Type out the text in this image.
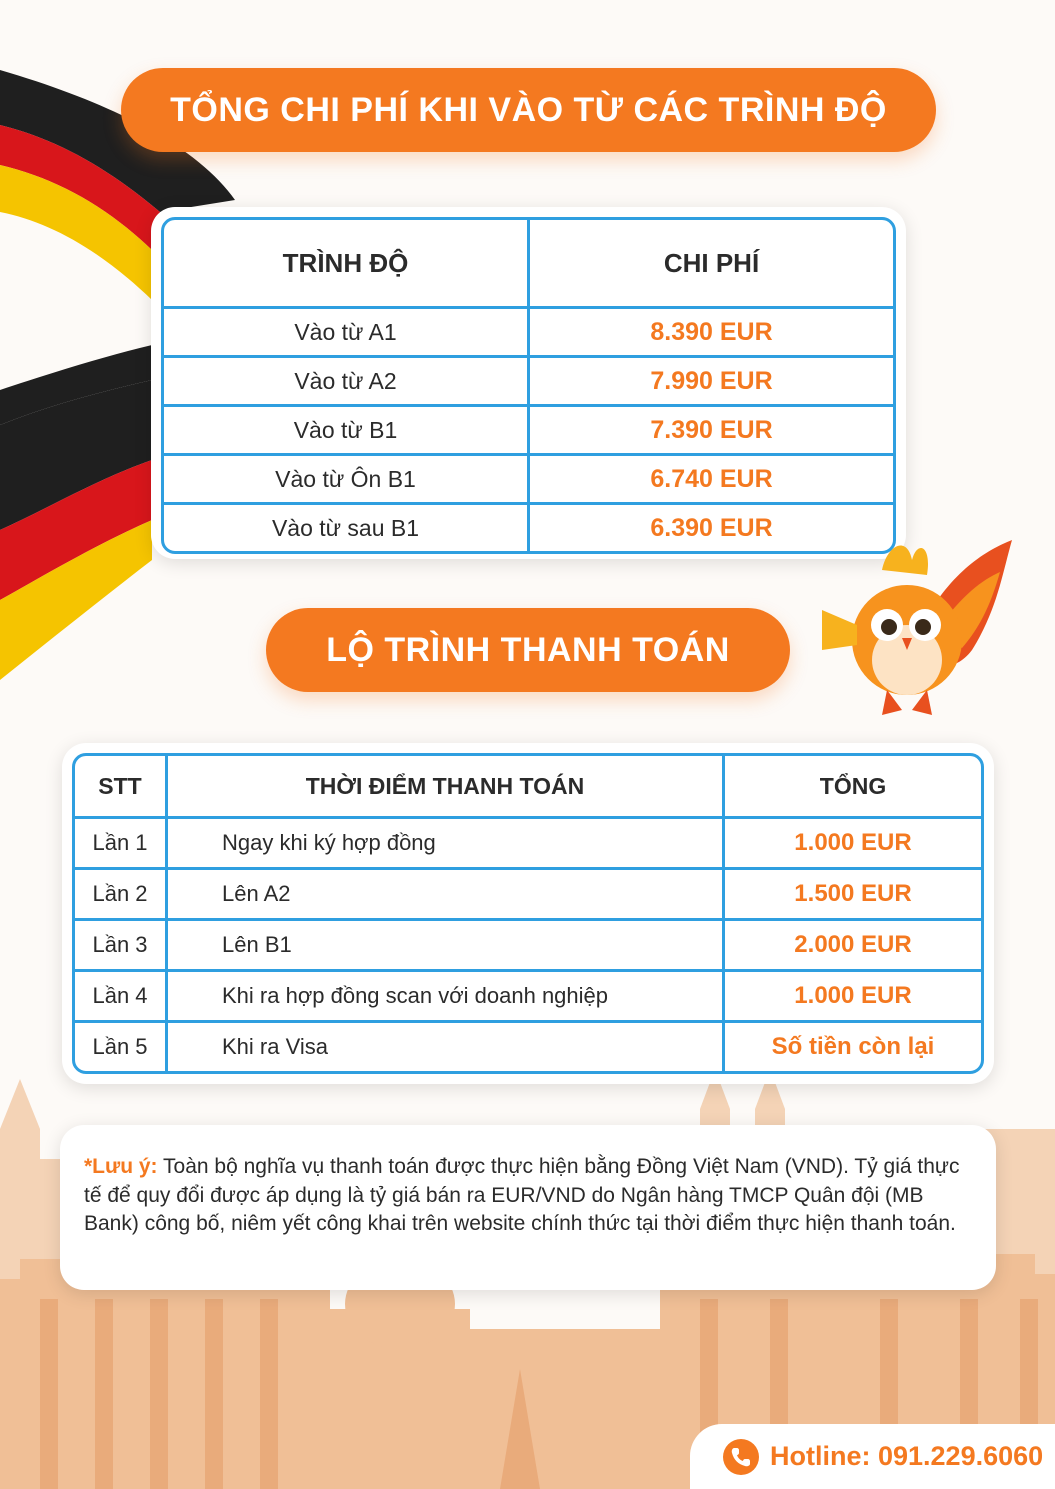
TỔNG CHI PHÍ KHI VÀO TỪ CÁC TRÌNH ĐỘ
TRÌNH ĐỘ	CHI PHÍ
Vào từ A1	8.390 EUR
Vào từ A2	7.990 EUR
Vào từ B1	7.390 EUR
Vào từ Ôn B1	6.740 EUR
Vào từ sau B1	6.390 EUR
LỘ TRÌNH THANH TOÁN
STT	THỜI ĐIỂM THANH TOÁN	TỔNG
Lần 1	Ngay khi ký hợp đồng	1.000 EUR
Lần 2	Lên A2	1.500 EUR
Lần 3	Lên B1	2.000 EUR
Lần 4	Khi ra hợp đồng scan với doanh nghiệp	1.000 EUR
Lần 5	Khi ra Visa	Số tiền còn lại
*Lưu ý: Toàn bộ nghĩa vụ thanh toán được thực hiện bằng Đồng Việt Nam (VND). Tỷ giá thực tế để quy đổi được áp dụng là tỷ giá bán ra EUR/VND do Ngân hàng TMCP Quân đội (MB Bank) công bố, niêm yết công khai trên website chính thức tại thời điểm thực hiện thanh toán.
Hotline: 091.229.6060
